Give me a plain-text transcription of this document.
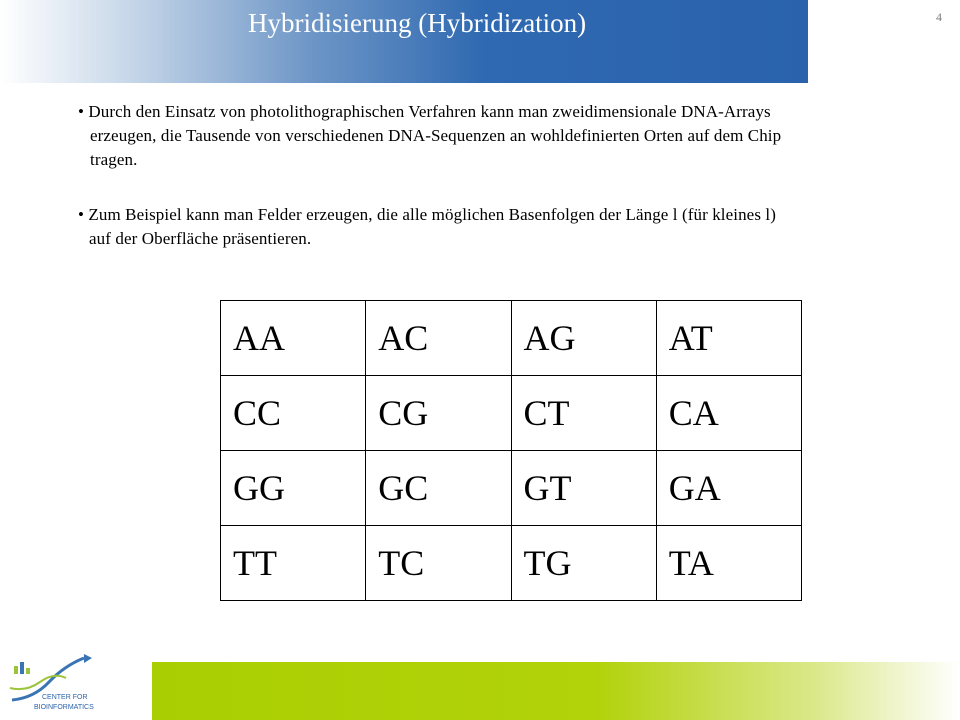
Hybridisierung (Hybridization)	4
• Durch den Einsatz von photolithographischen Verfahren kann man zweidimensionale DNA-Arrays
erzeugen, die Tausende von verschiedenen DNA-Sequenzen an wohldefinierten Orten auf dem Chip
tragen.
• Zum Beispiel kann man Felder erzeugen, die alle möglichen Basenfolgen der Länge l (für kleines l)
auf der Oberfläche präsentieren.
AA	AC	AG	AT
CC	CG	CT	CA
GG	GC	GT	GA
TT	TC	TG	TA
CENTER FOR
BIOINFORMATICS
